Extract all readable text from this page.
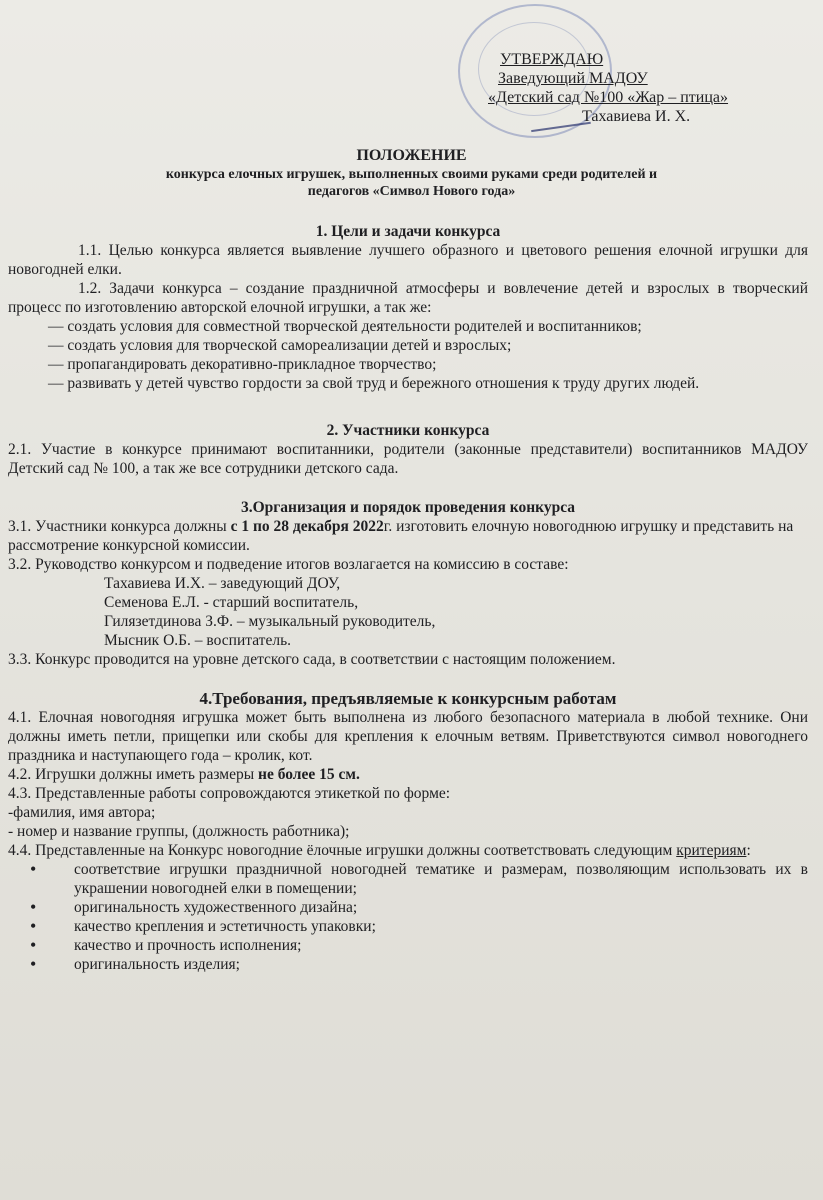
УТВЕРЖДАЮ
Заведующий МАДОУ
«Детский сад №100 «Жар – птица»
Тахавиева И. Х.
ПОЛОЖЕНИЕ
конкурса елочных игрушек, выполненных своими руками среди родителей и
педагогов «Символ Нового года»
1. Цели и задачи конкурса
1.1. Целью конкурса является выявление лучшего образного и цветового решения елочной игрушки для новогодней елки.
1.2. Задачи конкурса – создание праздничной атмосферы и вовлечение детей и взрослых в творческий процесс по изготовлению авторской елочной игрушки, а так же:
— создать условия для совместной творческой деятельности родителей и воспитанников;
— создать условия для творческой самореализации детей и взрослых;
— пропагандировать декоративно-прикладное творчество;
— развивать у детей чувство гордости за свой труд и бережного отношения к труду других людей.
2. Участники конкурса
2.1. Участие в конкурсе принимают воспитанники, родители (законные представители) воспитанников МАДОУ Детский сад № 100, а так же все сотрудники детского сада.
3.Организация и порядок проведения конкурса
3.1. Участники конкурса должны с 1 по 28 декабря 2022г. изготовить елочную новогоднюю игрушку и представить на рассмотрение конкурсной комиссии.
3.2. Руководство конкурсом и подведение итогов возлагается на комиссию в составе:
Тахавиева И.Х. – заведующий ДОУ,
Семенова Е.Л. - старший воспитатель,
Гилязетдинова З.Ф. – музыкальный руководитель,
Мысник О.Б. – воспитатель.
3.3. Конкурс проводится на уровне детского сада, в соответствии с настоящим положением.
4.Требования, предъявляемые к конкурсным работам
4.1. Елочная новогодняя игрушка может быть выполнена из любого безопасного материала в любой технике. Они должны иметь петли, прищепки или скобы для крепления к елочным ветвям. Приветствуются символ новогоднего праздника и наступающего года – кролик, кот.
4.2. Игрушки должны иметь размеры не более 15 см.
4.3. Представленные работы сопровождаются этикеткой по форме:
-фамилия, имя автора;
- номер и название группы, (должность работника);
4.4. Представленные на Конкурс новогодние ёлочные игрушки должны соответствовать следующим критериям:
• соответствие игрушки праздничной новогодней тематике и размерам, позволяющим использовать их в украшении новогодней елки в помещении;
• оригинальность художественного дизайна;
• качество крепления и эстетичность упаковки;
• качество и прочность исполнения;
• оригинальность изделия;
